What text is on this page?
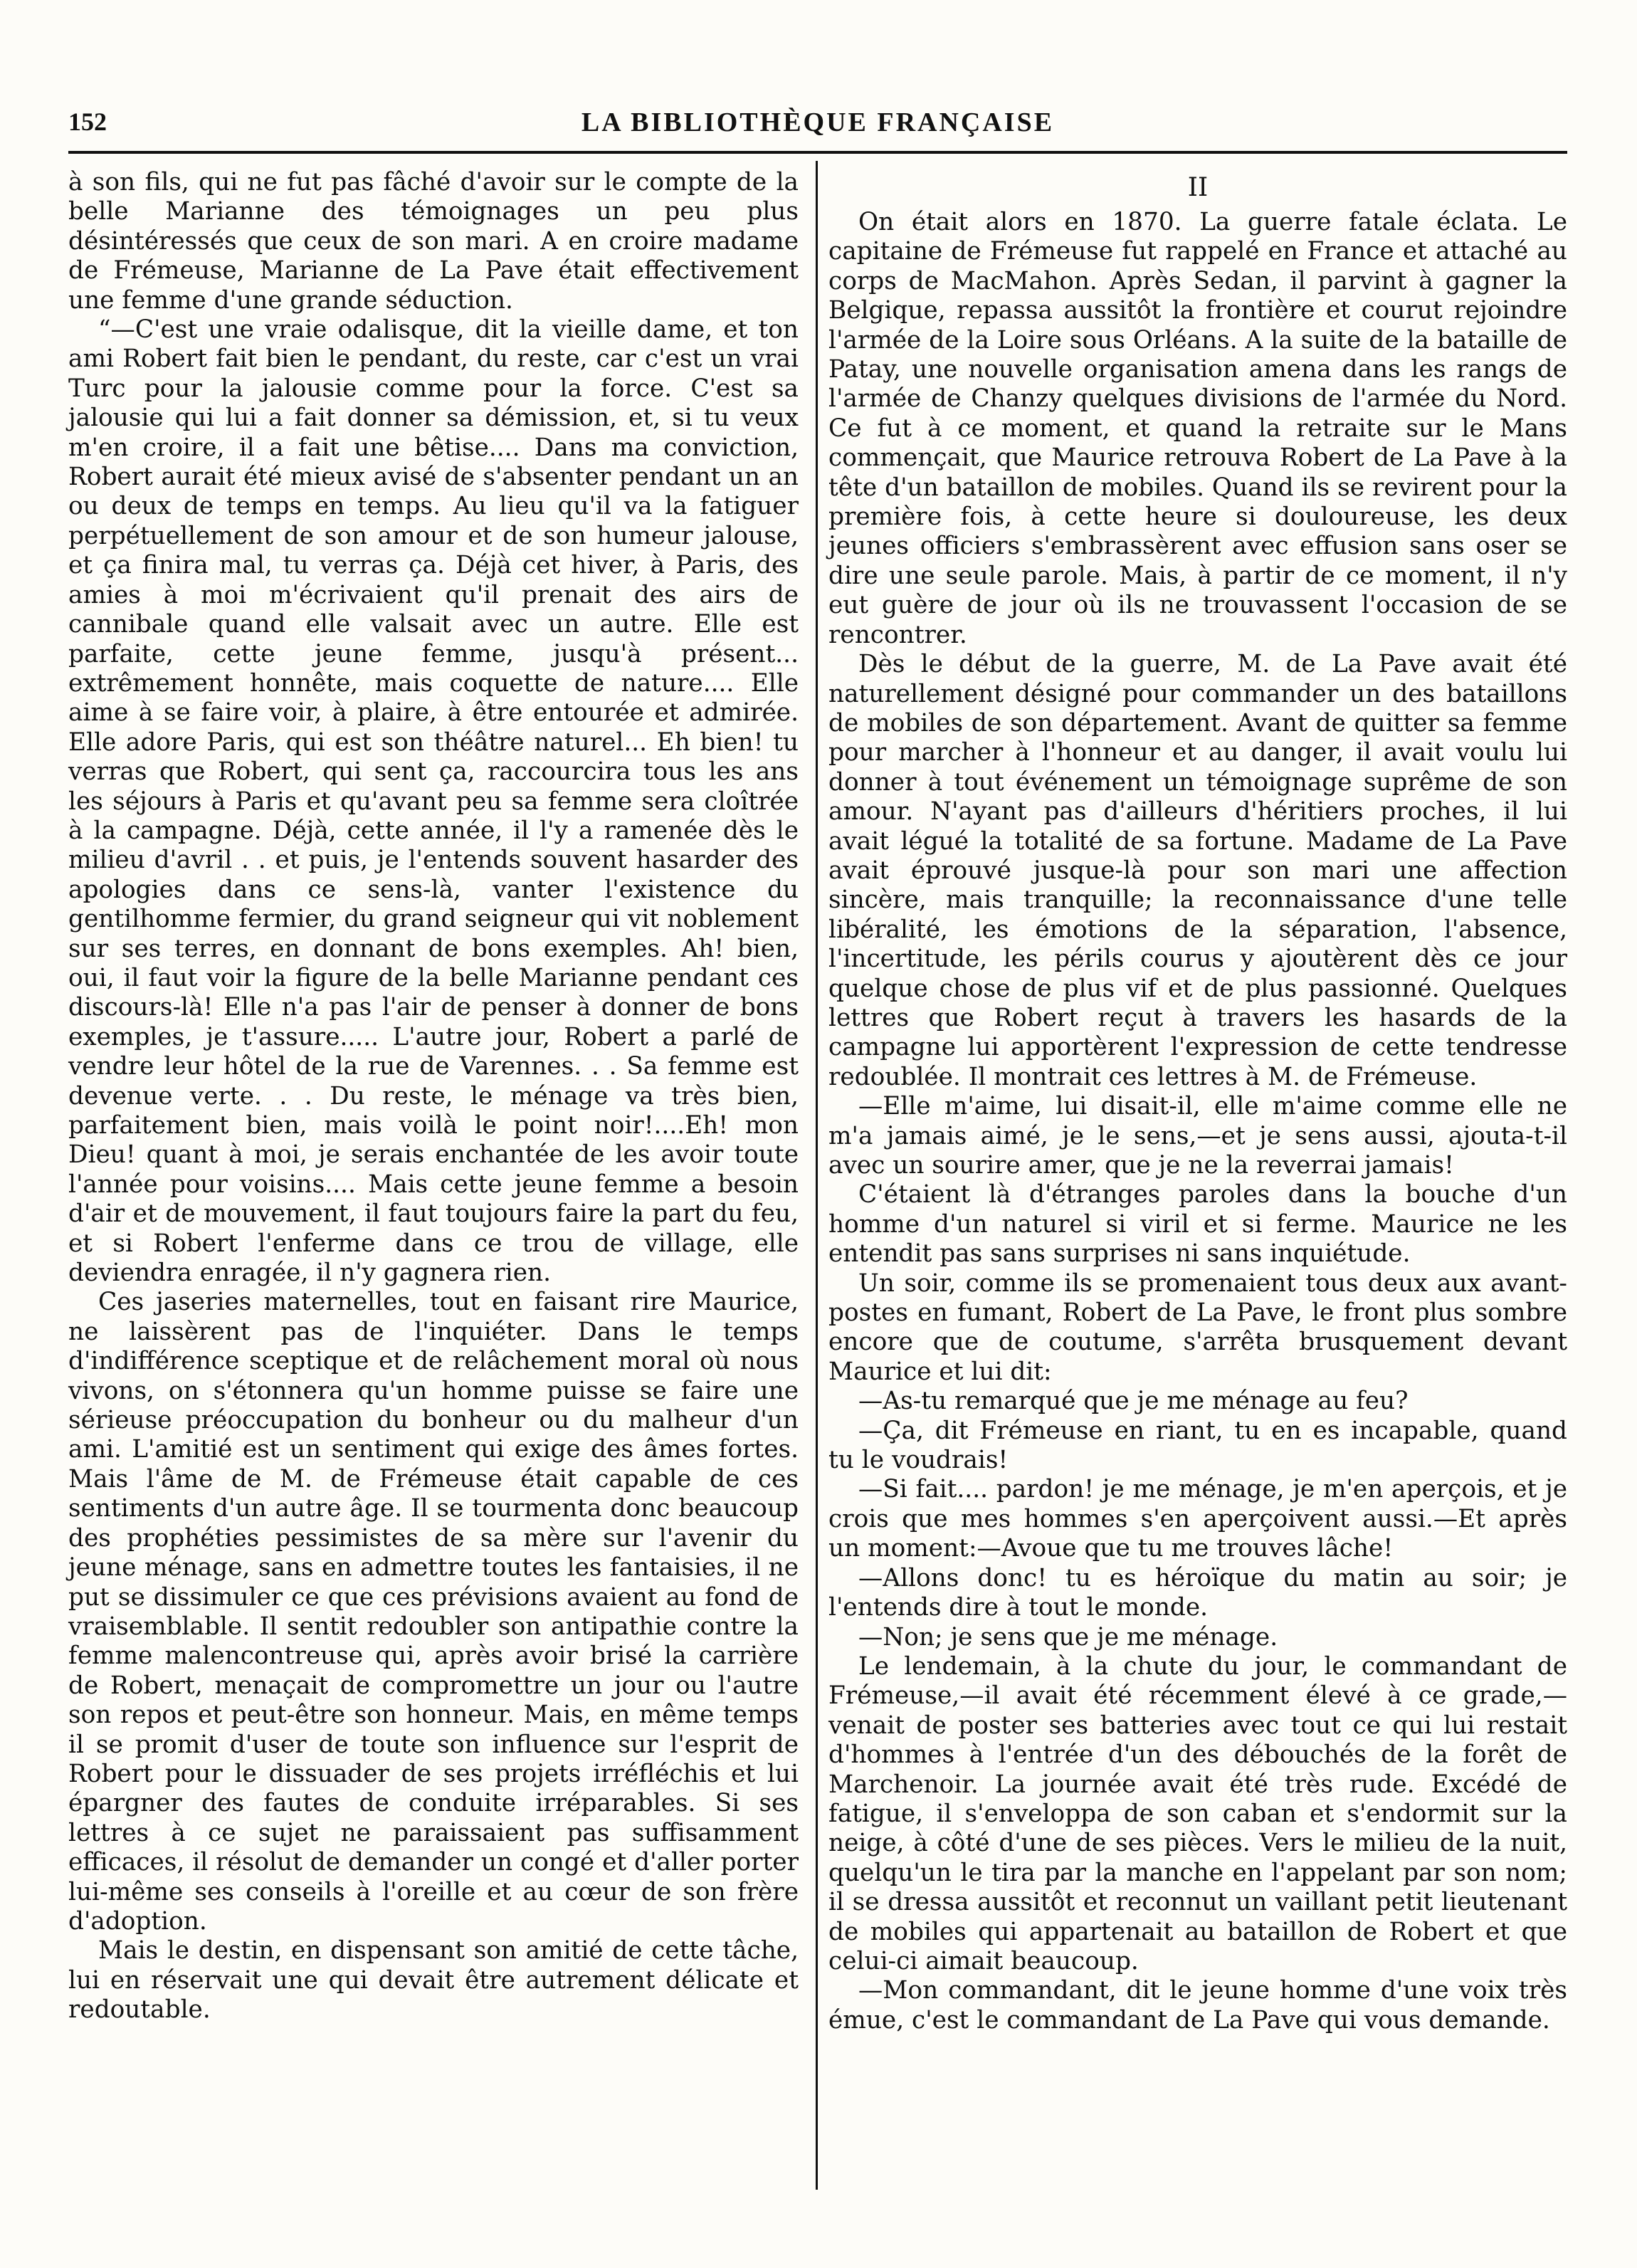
152	LA BIBLIOTHÈQUE FRANÇAISE

à son fils, qui ne fut pas fâché d'avoir sur le compte de la belle Marianne des témoignages un peu plus désintéressés que ceux de son mari. A en croire madame de Frémeuse, Marianne de La Pave était effectivement une femme d'une grande séduction.

“—C'est une vraie odalisque, dit la vieille dame, et ton ami Robert fait bien le pendant, du reste, car c'est un vrai Turc pour la jalousie comme pour la force. C'est sa jalousie qui lui a fait donner sa démission, et, si tu veux m'en croire, il a fait une bêtise.... Dans ma conviction, Robert aurait été mieux avisé de s'absenter pendant un an ou deux de temps en temps. Au lieu qu'il va la fatiguer perpétuellement de son amour et de son humeur jalouse, et ça finira mal, tu verras ça. Déjà cet hiver, à Paris, des amies à moi m'écrivaient qu'il prenait des airs de cannibale quand elle valsait avec un autre. Elle est parfaite, cette jeune femme, jusqu'à présent... extrêmement honnête, mais coquette de nature.... Elle aime à se faire voir, à plaire, à être entourée et admirée. Elle adore Paris, qui est son théâtre naturel... Eh bien! tu verras que Robert, qui sent ça, raccourcira tous les ans les séjours à Paris et qu'avant peu sa femme sera cloîtrée à la campagne. Déjà, cette année, il l'y a ramenée dès le milieu d'avril . . et puis, je l'entends souvent hasarder des apologies dans ce sens-là, vanter l'existence du gentilhomme fermier, du grand seigneur qui vit noblement sur ses terres, en donnant de bons exemples. Ah! bien, oui, il faut voir la figure de la belle Marianne pendant ces discours-là! Elle n'a pas l'air de penser à donner de bons exemples, je t'assure..... L'autre jour, Robert a parlé de vendre leur hôtel de la rue de Varennes. . . Sa femme est devenue verte. . . Du reste, le ménage va très bien, parfaitement bien, mais voilà le point noir!....Eh! mon Dieu! quant à moi, je serais enchantée de les avoir toute l'année pour voisins.... Mais cette jeune femme a besoin d'air et de mouvement, il faut toujours faire la part du feu, et si Robert l'enferme dans ce trou de village, elle deviendra enragée, il n'y gagnera rien.

Ces jaseries maternelles, tout en faisant rire Maurice, ne laissèrent pas de l'inquiéter. Dans le temps d'indifférence sceptique et de relâchement moral où nous vivons, on s'étonnera qu'un homme puisse se faire une sérieuse préoccupation du bonheur ou du malheur d'un ami. L'amitié est un sentiment qui exige des âmes fortes. Mais l'âme de M. de Frémeuse était capable de ces sentiments d'un autre âge. Il se tourmenta donc beaucoup des prophéties pessimistes de sa mère sur l'avenir du jeune ménage, sans en admettre toutes les fantaisies, il ne put se dissimuler ce que ces prévisions avaient au fond de vraisemblable. Il sentit redoubler son antipathie contre la femme malencontreuse qui, après avoir brisé la carrière de Robert, menaçait de compromettre un jour ou l'autre son repos et peut-être son honneur. Mais, en même temps il se promit d'user de toute son influence sur l'esprit de Robert pour le dissuader de ses projets irréfléchis et lui épargner des fautes de conduite irréparables. Si ses lettres à ce sujet ne paraissaient pas suffisamment efficaces, il résolut de demander un congé et d'aller porter lui-même ses conseils à l'oreille et au cœur de son frère d'adoption.

Mais le destin, en dispensant son amitié de cette tâche, lui en réservait une qui devait être autrement délicate et redoutable.

II

On était alors en 1870. La guerre fatale éclata. Le capitaine de Frémeuse fut rappelé en France et attaché au corps de MacMahon. Après Sedan, il parvint à gagner la Belgique, repassa aussitôt la frontière et courut rejoindre l'armée de la Loire sous Orléans. A la suite de la bataille de Patay, une nouvelle organisation amena dans les rangs de l'armée de Chanzy quelques divisions de l'armée du Nord. Ce fut à ce moment, et quand la retraite sur le Mans commençait, que Maurice retrouva Robert de La Pave à la tête d'un bataillon de mobiles. Quand ils se revirent pour la première fois, à cette heure si douloureuse, les deux jeunes officiers s'embrassèrent avec effusion sans oser se dire une seule parole. Mais, à partir de ce moment, il n'y eut guère de jour où ils ne trouvassent l'occasion de se rencontrer.

Dès le début de la guerre, M. de La Pave avait été naturellement désigné pour commander un des bataillons de mobiles de son département. Avant de quitter sa femme pour marcher à l'honneur et au danger, il avait voulu lui donner à tout événement un témoignage suprême de son amour. N'ayant pas d'ailleurs d'héritiers proches, il lui avait légué la totalité de sa fortune. Madame de La Pave avait éprouvé jusque-là pour son mari une affection sincère, mais tranquille; la reconnaissance d'une telle libéralité, les émotions de la séparation, l'absence, l'incertitude, les périls courus y ajoutèrent dès ce jour quelque chose de plus vif et de plus passionné. Quelques lettres que Robert reçut à travers les hasards de la campagne lui apportèrent l'expression de cette tendresse redoublée. Il montrait ces lettres à M. de Frémeuse.

—Elle m'aime, lui disait-il, elle m'aime comme elle ne m'a jamais aimé, je le sens,—et je sens aussi, ajouta-t-il avec un sourire amer, que je ne la reverrai jamais!

C'étaient là d'étranges paroles dans la bouche d'un homme d'un naturel si viril et si ferme. Maurice ne les entendit pas sans surprises ni sans inquiétude.

Un soir, comme ils se promenaient tous deux aux avant-postes en fumant, Robert de La Pave, le front plus sombre encore que de coutume, s'arrêta brusquement devant Maurice et lui dit:

—As-tu remarqué que je me ménage au feu?

—Ça, dit Frémeuse en riant, tu en es incapable, quand tu le voudrais!

—Si fait.... pardon! je me ménage, je m'en aperçois, et je crois que mes hommes s'en aperçoivent aussi.—Et après un moment:—Avoue que tu me trouves lâche!

—Allons donc! tu es héroïque du matin au soir; je l'entends dire à tout le monde.

—Non; je sens que je me ménage.

Le lendemain, à la chute du jour, le commandant de Frémeuse,—il avait été récemment élevé à ce grade,—venait de poster ses batteries avec tout ce qui lui restait d'hommes à l'entrée d'un des débouchés de la forêt de Marchenoir. La journée avait été très rude. Excédé de fatigue, il s'enveloppa de son caban et s'endormit sur la neige, à côté d'une de ses pièces. Vers le milieu de la nuit, quelqu'un le tira par la manche en l'appelant par son nom; il se dressa aussitôt et reconnut un vaillant petit lieutenant de mobiles qui appartenait au bataillon de Robert et que celui-ci aimait beaucoup.

—Mon commandant, dit le jeune homme d'une voix très émue, c'est le commandant de La Pave qui vous demande.
